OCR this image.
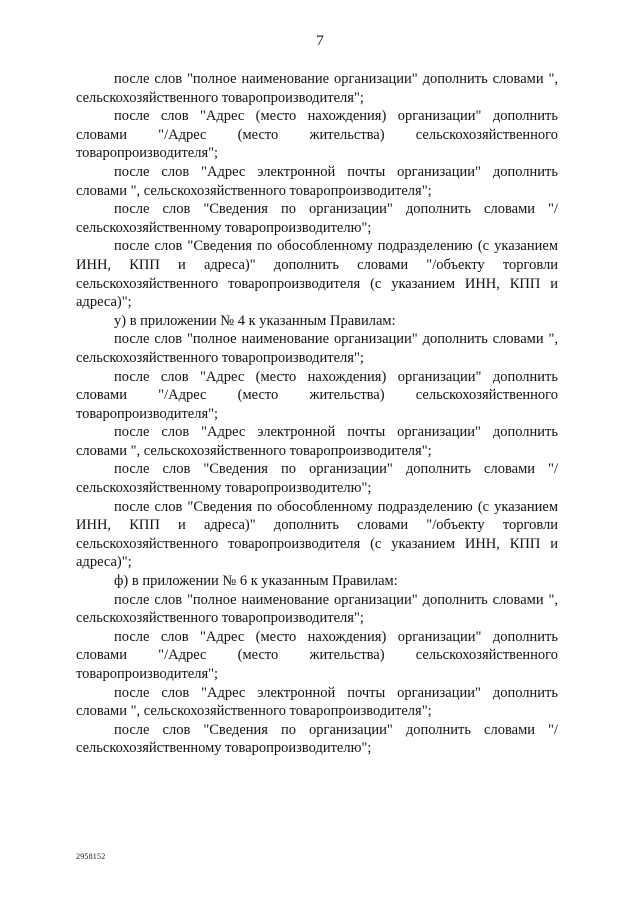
7

после слов "полное наименование организации" дополнить словами ", сельскохозяйственного товаропроизводителя";

после слов "Адрес (место нахождения) организации" дополнить словами "/Адрес (место жительства) сельскохозяйственного товаропроизводителя";

после слов "Адрес электронной почты организации" дополнить словами ", сельскохозяйственного товаропроизводителя";

после слов "Сведения по организации" дополнить словами "/сельскохозяйственному товаропроизводителю";

после слов "Сведения по обособленному подразделению (с указанием ИНН, КПП и адреса)" дополнить словами "/объекту торговли сельскохозяйственного товаропроизводителя (с указанием ИНН, КПП и адреса)";

у) в приложении № 4 к указанным Правилам:

после слов "полное наименование организации" дополнить словами ", сельскохозяйственного товаропроизводителя";

после слов "Адрес (место нахождения) организации" дополнить словами "/Адрес (место жительства) сельскохозяйственного товаропроизводителя";

после слов "Адрес электронной почты организации" дополнить словами ", сельскохозяйственного товаропроизводителя";

после слов "Сведения по организации" дополнить словами "/сельскохозяйственному товаропроизводителю";

после слов "Сведения по обособленному подразделению (с указанием ИНН, КПП и адреса)" дополнить словами "/объекту торговли сельскохозяйственного товаропроизводителя (с указанием ИНН, КПП и адреса)";

ф) в приложении № 6 к указанным Правилам:

после слов "полное наименование организации" дополнить словами ", сельскохозяйственного товаропроизводителя";

после слов "Адрес (место нахождения) организации" дополнить словами "/Адрес (место жительства) сельскохозяйственного товаропроизводителя";

после слов "Адрес электронной почты организации" дополнить словами ", сельскохозяйственного товаропроизводителя";

после слов "Сведения по организации" дополнить словами "/сельскохозяйственному товаропроизводителю";

2958152
